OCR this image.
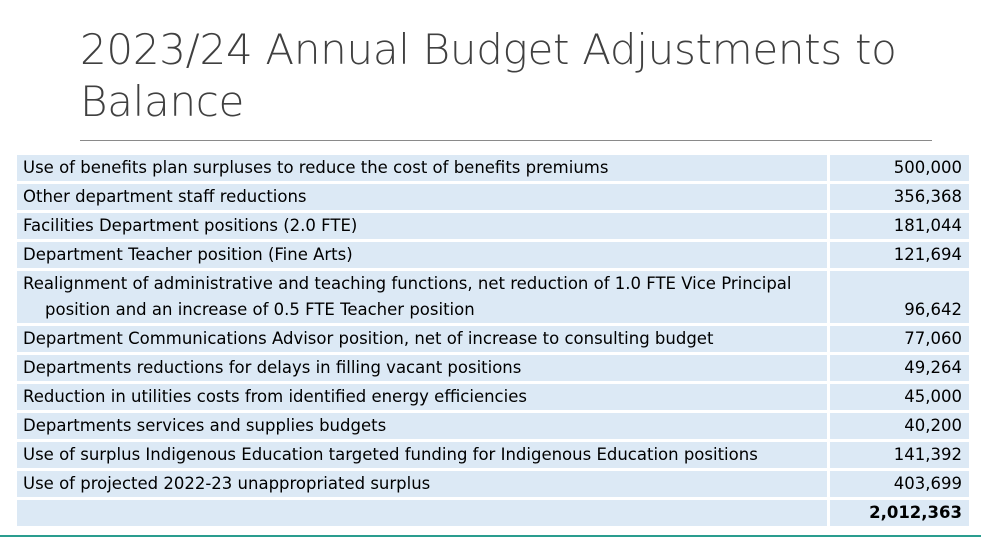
2023/24 Annual Budget Adjustments to Balance
Use of benefits plan surpluses to reduce the cost of benefits premiums	500,000
Other department staff reductions	356,368
Facilities Department positions (2.0 FTE)	181,044
Department Teacher position (Fine Arts)	121,694

Realignment of administrative and teaching functions, net reduction of 1.0 FTE Vice Principal
position and an increase of 0.5 FTE Teacher position	96,642
Department Communications Advisor position, net of increase to consulting budget	77,060
Departments reductions for delays in filling vacant positions	49,264
Reduction in utilities costs from identified energy efficiencies	45,000
Departments services and supplies budgets	40,200
Use of surplus Indigenous Education targeted funding for Indigenous Education positions	141,392
Use of projected 2022-23 unappropriated surplus	403,699
	2,012,363
